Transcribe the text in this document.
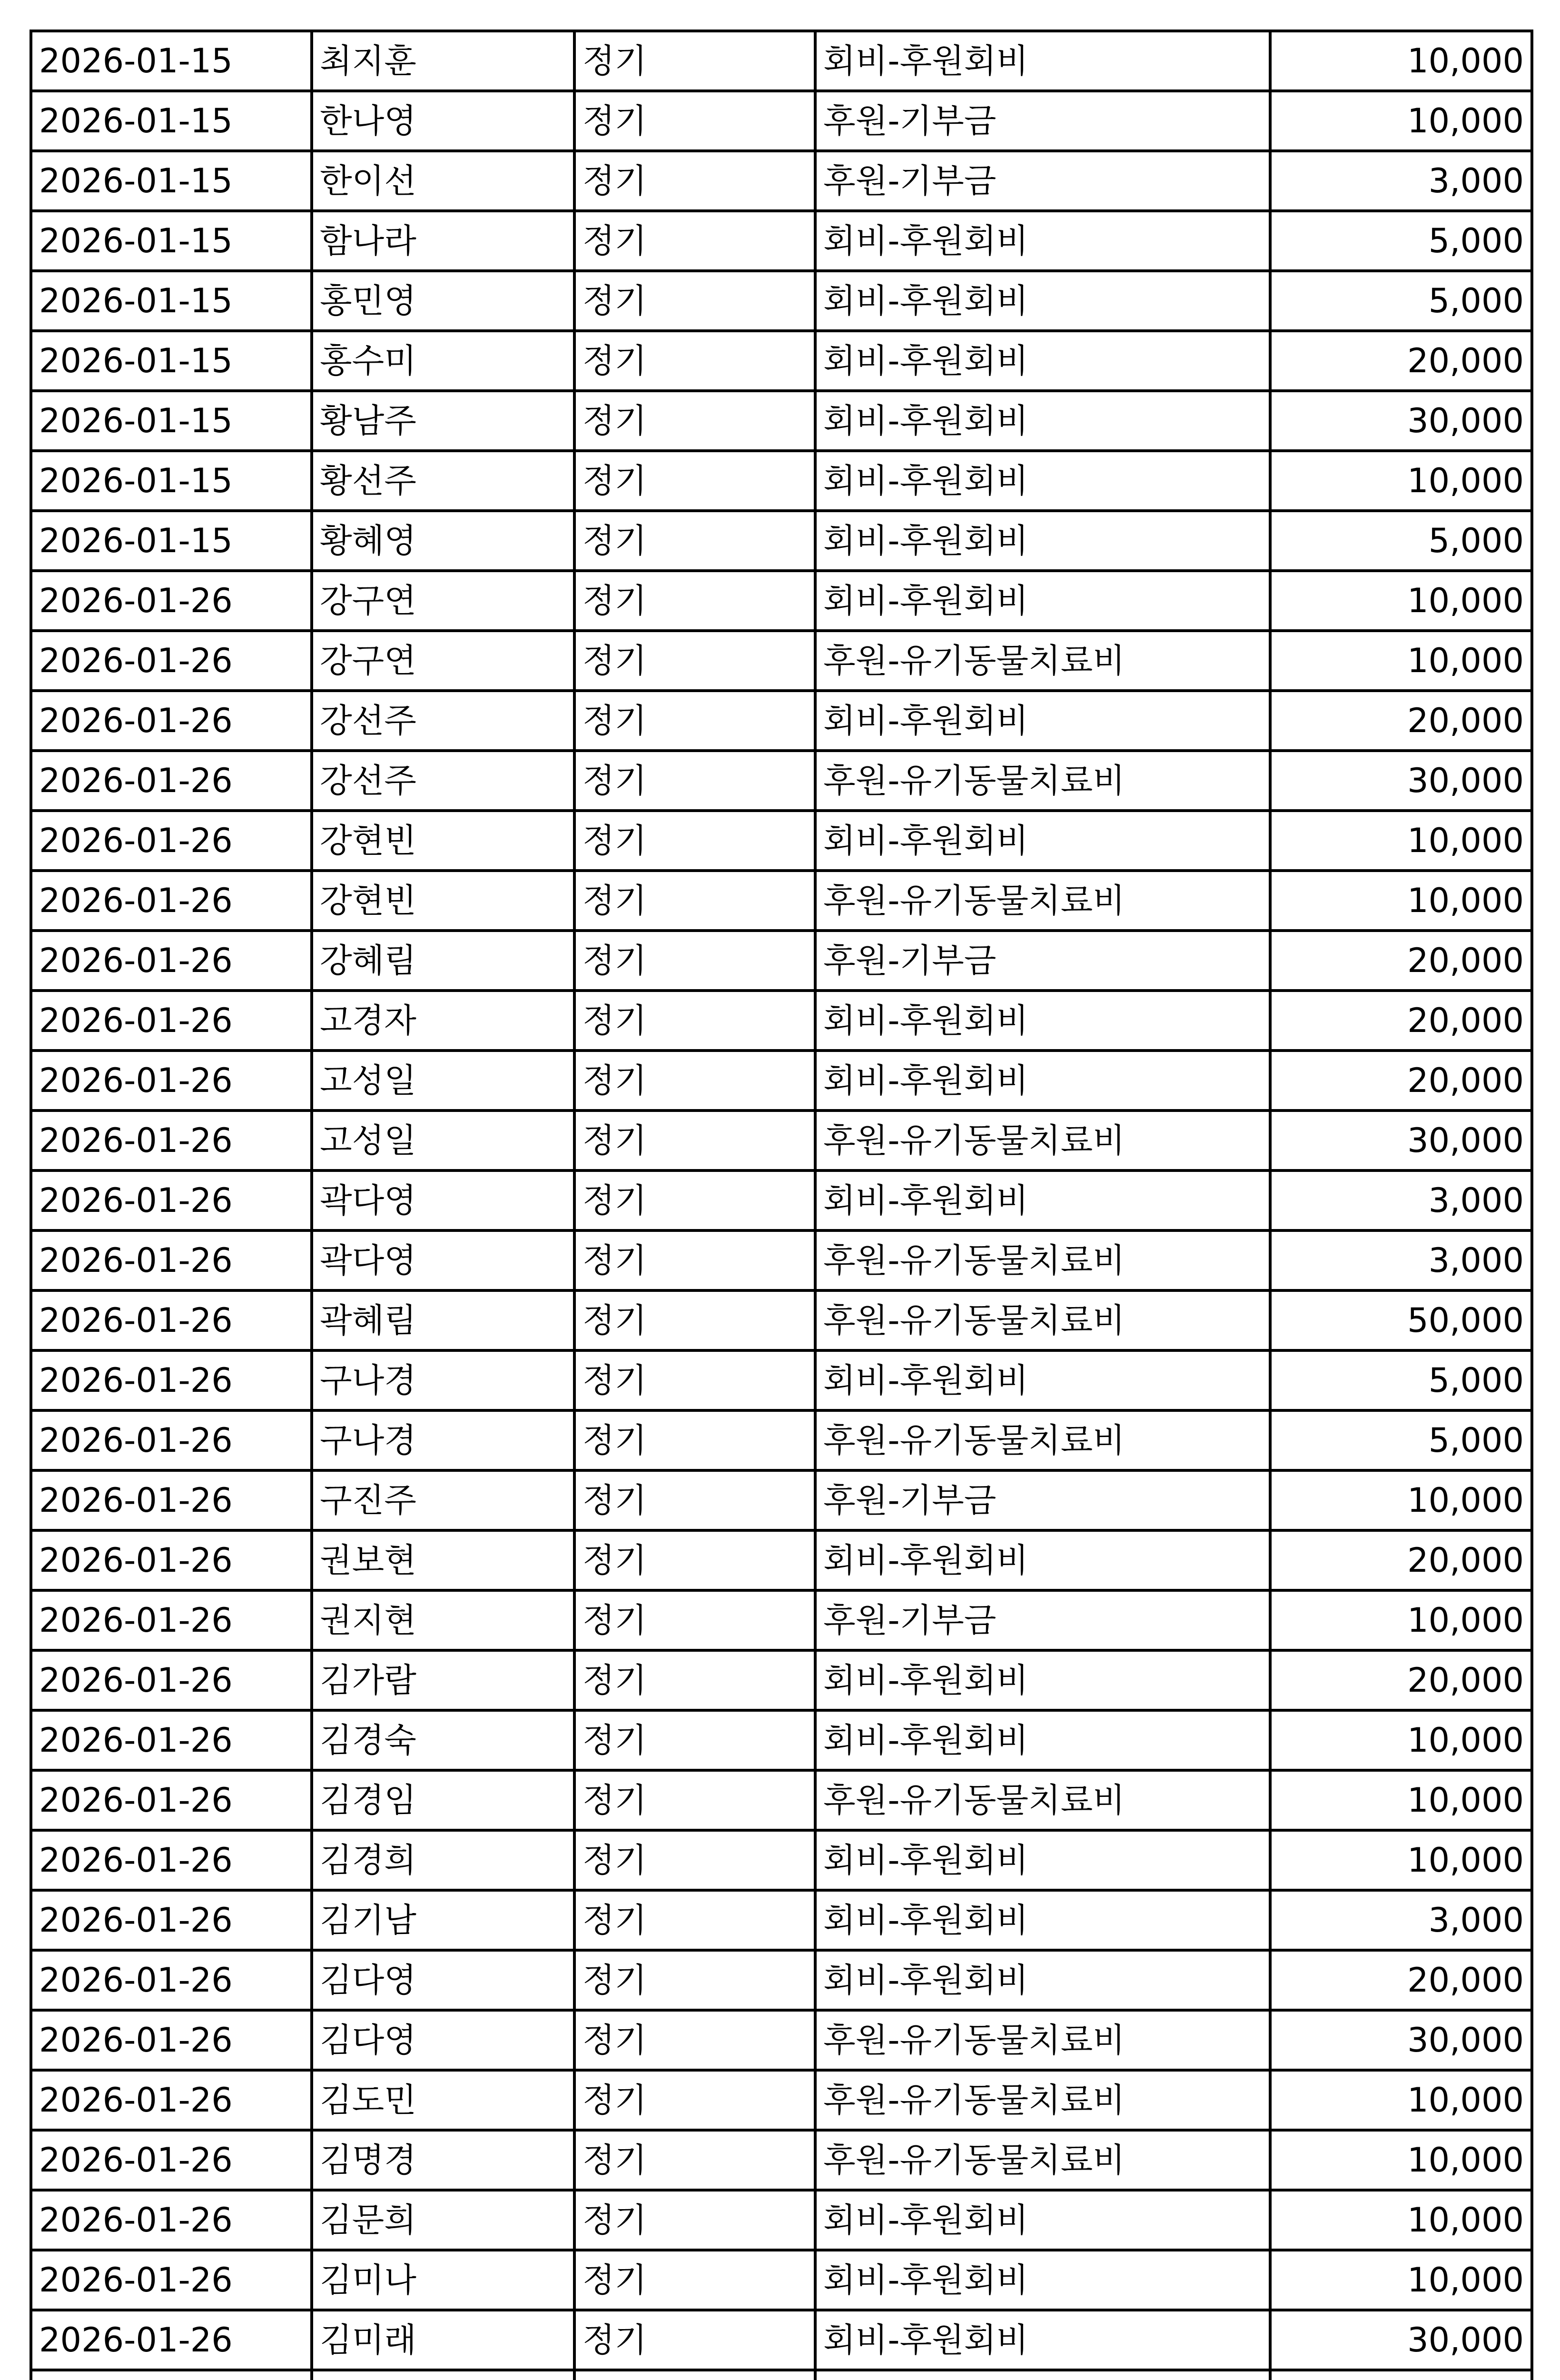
2026-01-15	최지훈	정기	회비-후원회비	10,000
2026-01-15	한나영	정기	후원-기부금	10,000
2026-01-15	한이선	정기	후원-기부금	3,000
2026-01-15	함나라	정기	회비-후원회비	5,000
2026-01-15	홍민영	정기	회비-후원회비	5,000
2026-01-15	홍수미	정기	회비-후원회비	20,000
2026-01-15	황남주	정기	회비-후원회비	30,000
2026-01-15	황선주	정기	회비-후원회비	10,000
2026-01-15	황혜영	정기	회비-후원회비	5,000
2026-01-26	강구연	정기	회비-후원회비	10,000
2026-01-26	강구연	정기	후원-유기동물치료비	10,000
2026-01-26	강선주	정기	회비-후원회비	20,000
2026-01-26	강선주	정기	후원-유기동물치료비	30,000
2026-01-26	강현빈	정기	회비-후원회비	10,000
2026-01-26	강현빈	정기	후원-유기동물치료비	10,000
2026-01-26	강혜림	정기	후원-기부금	20,000
2026-01-26	고경자	정기	회비-후원회비	20,000
2026-01-26	고성일	정기	회비-후원회비	20,000
2026-01-26	고성일	정기	후원-유기동물치료비	30,000
2026-01-26	곽다영	정기	회비-후원회비	3,000
2026-01-26	곽다영	정기	후원-유기동물치료비	3,000
2026-01-26	곽혜림	정기	후원-유기동물치료비	50,000
2026-01-26	구나경	정기	회비-후원회비	5,000
2026-01-26	구나경	정기	후원-유기동물치료비	5,000
2026-01-26	구진주	정기	후원-기부금	10,000
2026-01-26	권보현	정기	회비-후원회비	20,000
2026-01-26	권지현	정기	후원-기부금	10,000
2026-01-26	김가람	정기	회비-후원회비	20,000
2026-01-26	김경숙	정기	회비-후원회비	10,000
2026-01-26	김경임	정기	후원-유기동물치료비	10,000
2026-01-26	김경희	정기	회비-후원회비	10,000
2026-01-26	김기남	정기	회비-후원회비	3,000
2026-01-26	김다영	정기	회비-후원회비	20,000
2026-01-26	김다영	정기	후원-유기동물치료비	30,000
2026-01-26	김도민	정기	후원-유기동물치료비	10,000
2026-01-26	김명경	정기	후원-유기동물치료비	10,000
2026-01-26	김문희	정기	회비-후원회비	10,000
2026-01-26	김미나	정기	회비-후원회비	10,000
2026-01-26	김미래	정기	회비-후원회비	30,000
